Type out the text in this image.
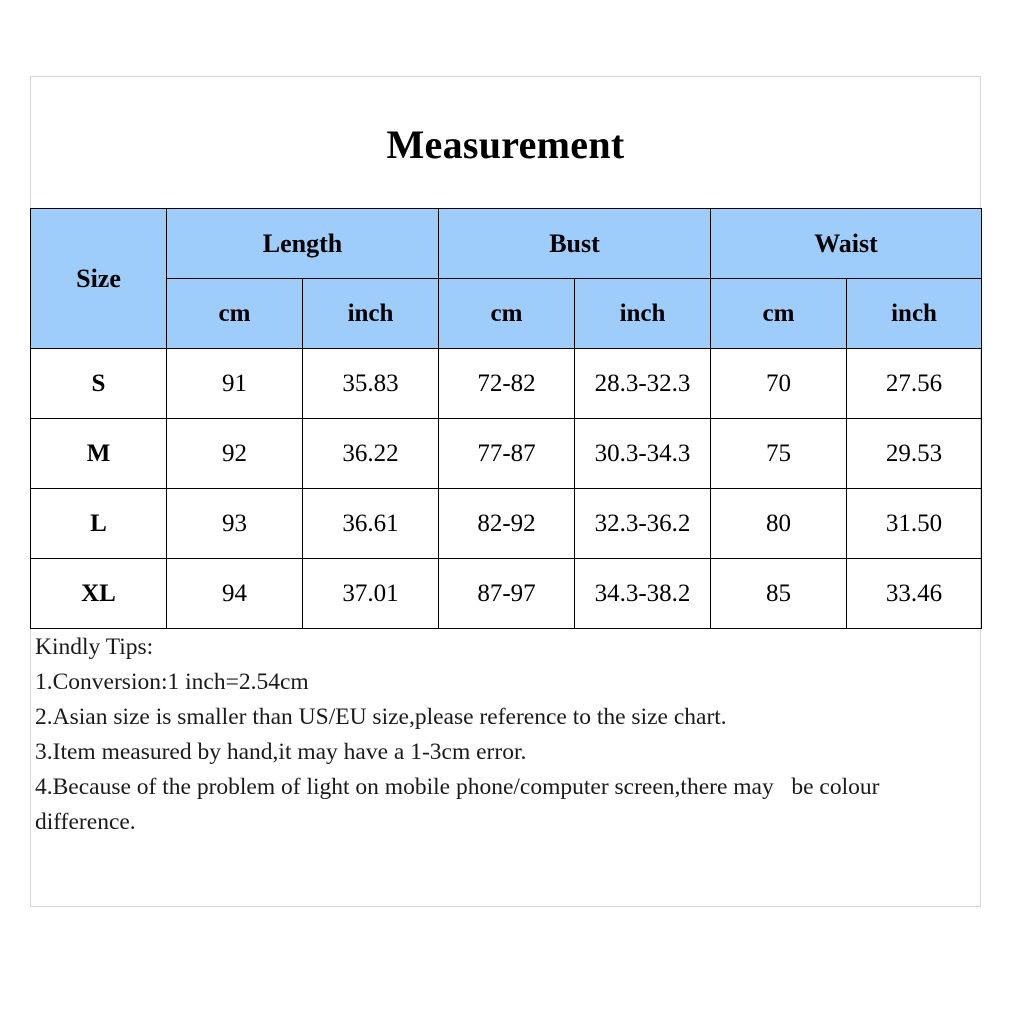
Measurement
Size	Length		Bust		Waist	
	cm	inch	cm	inch	cm	inch
S	91	35.83	72-82	28.3-32.3	70	27.56
M	92	36.22	77-87	30.3-34.3	75	29.53
L	93	36.61	82-92	32.3-36.2	80	31.50
XL	94	37.01	87-97	34.3-38.2	85	33.46

Kindly Tips:

1.Conversion:1 inch=2.54cm

2.Asian size is smaller than US/EU size,please reference to the size chart.

3.Item measured by hand,it may have a 1-3cm error.

4.Because of the problem of light on mobile phone/computer screen,there may   be colour difference.
